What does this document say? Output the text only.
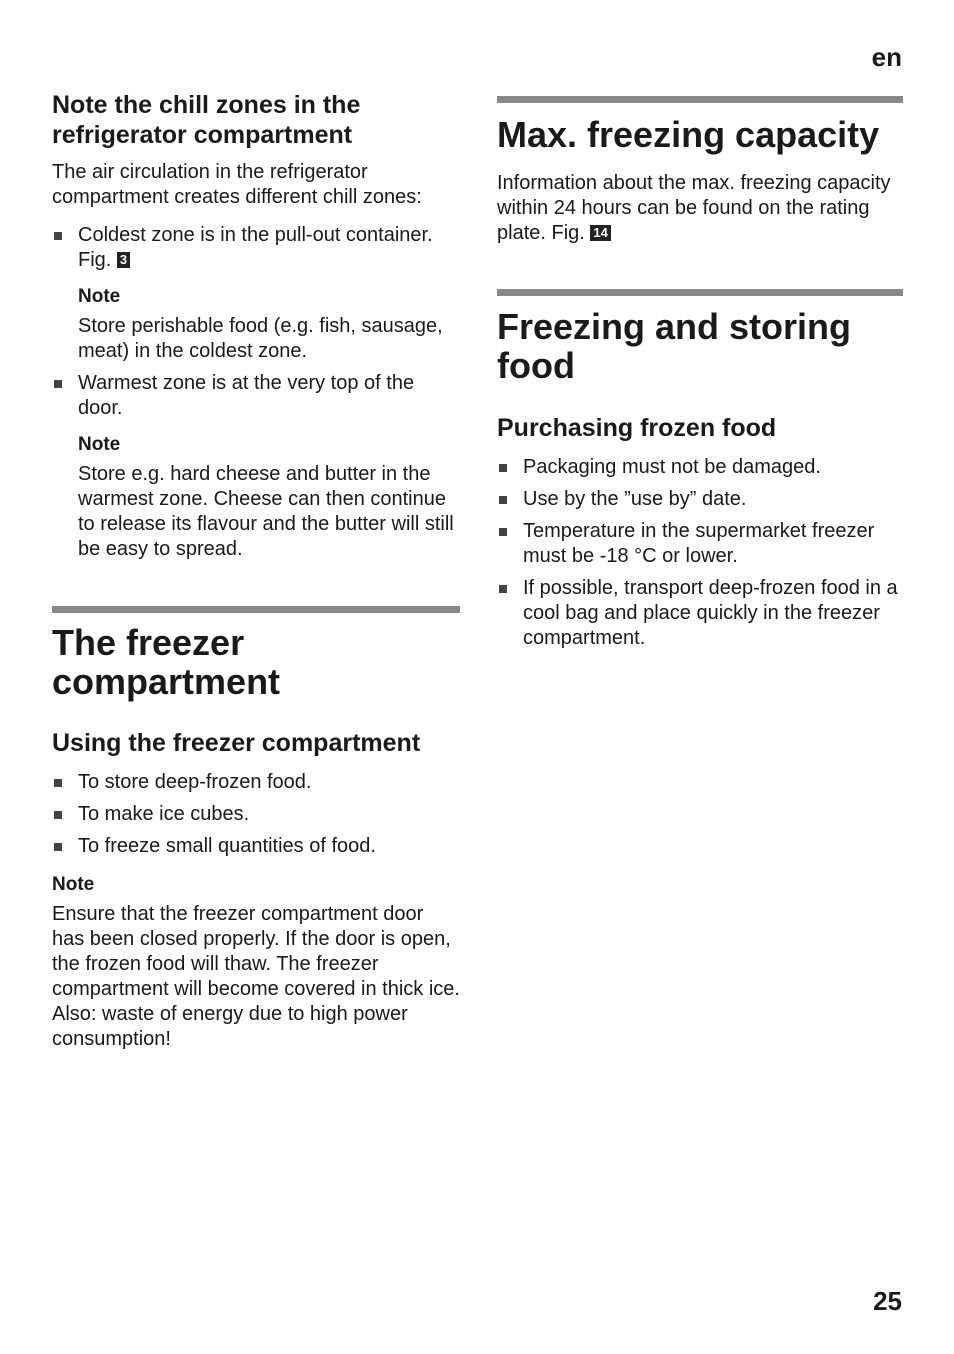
en
Note the chill zones in the refrigerator compartment

The air circulation in the refrigerator compartment creates different chill zones:

Coldest zone is in the pull-out container. Fig. 3
Note

Store perishable food (e.g. fish, sausage, meat) in the coldest zone.

Warmest zone is at the very top of the door.
Note

Store e.g. hard cheese and butter in the warmest zone. Cheese can then continue to release its flavour and the butter will still be easy to spread.

The freezer compartment
Using the freezer compartment
To store deep-frozen food.
To make ice cubes.
To freeze small quantities of food.
Note

Ensure that the freezer compartment door has been closed properly. If the door is open, the frozen food will thaw. The freezer compartment will become covered in thick ice. Also: waste of energy due to high power consumption!

Max. freezing capacity

Information about the max. freezing capacity within 24 hours can be found on the rating plate. Fig. 14

Freezing and storing food
Purchasing frozen food
Packaging must not be damaged.
Use by the ”use by” date.
Temperature in the supermarket freezer must be -18 °C or lower.
If possible, transport deep-frozen food in a cool bag and place quickly in the freezer compartment.
25
